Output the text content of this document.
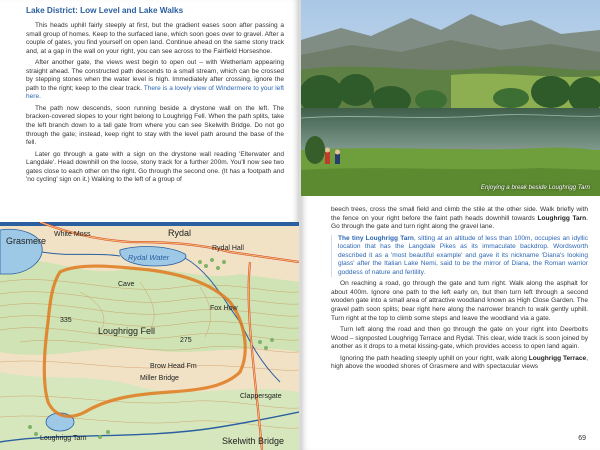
Lake District: Low Level and Lake Walks

This heads uphill fairly steeply at first, but the gradient eases soon after passing a small group of homes. Keep to the surfaced lane, which soon goes over to gravel. After a couple of gates, you find yourself on open land. Continue ahead on the same stony track and, at a gap in the wall on your right, you can see across to the Fairfield Horseshoe.

After another gate, the views west begin to open out – with Wetherlam appearing straight ahead. The constructed path descends to a small stream, which can be crossed by stepping stones when the water level is high. Immediately after crossing, ignore the path to the right; keep to the clear track. There is a lovely view of Windermere to your left here.

The path now descends, soon running beside a drystone wall on the left. The bracken-covered slopes to your right belong to Loughrigg Fell. When the path splits, take the left branch down to a tall gate from where you can see Skelwith Bridge. Do not go through the gate; instead, keep right to stay with the level path around the base of the fell.

Later go through a gate with a sign on the drystone wall reading 'Elterwater and Langdale'. Head downhill on the loose, stony track for a further 200m. You'll now see two gates close to each other on the right. Go through the second one. (It has a footpath and 'no cycling' sign on it.) Walking to the left of a group of

Grasmere
White Moss	Rydal
Rydal Water
Loughrigg Fell
Rydal Hall
Cave
Loughrigg Tarn	Skelwith Bridge
Miller Bridge
Brow Head Fm
Clappersgate
Fox How
335
275
Enjoying a break beside Loughrigg Tarn

beech trees, cross the small field and climb the stile at the other side. Walk briefly with the fence on your right before the faint path heads downhill towards Loughrigg Tarn. Go through the gate and turn right along the gravel lane.

The tiny Loughrigg Tarn, sitting at an altitude of less than 100m, occupies an idyllic location that has the Langdale Pikes as its immaculate backdrop. Wordsworth described it as a 'most beautiful example' and gave it its nickname 'Diana's looking glass' after the Italian Lake Nemi, said to be the mirror of Diana, the Roman warrior goddess of nature and fertility.

On reaching a road, go through the gate and turn right. Walk along the asphalt for about 400m. Ignore one path to the left early on, but then turn left through a second wooden gate into a small area of attractive woodland known as High Close Garden. The gravel path soon splits; bear right here along the narrower branch to walk gently uphill. Turn right at the top to climb some steps and leave the woodland via a gate.

Turn left along the road and then go through the gate on your right into Deerbolts Wood – signposted Loughrigg Terrace and Rydal. This clear, wide track is soon joined by another as it drops to a metal kissing-gate, which provides access to open land again.

Ignoring the path heading steeply uphill on your right, walk along Loughrigg Terrace, high above the wooded shores of Grasmere and with spectacular views

69
